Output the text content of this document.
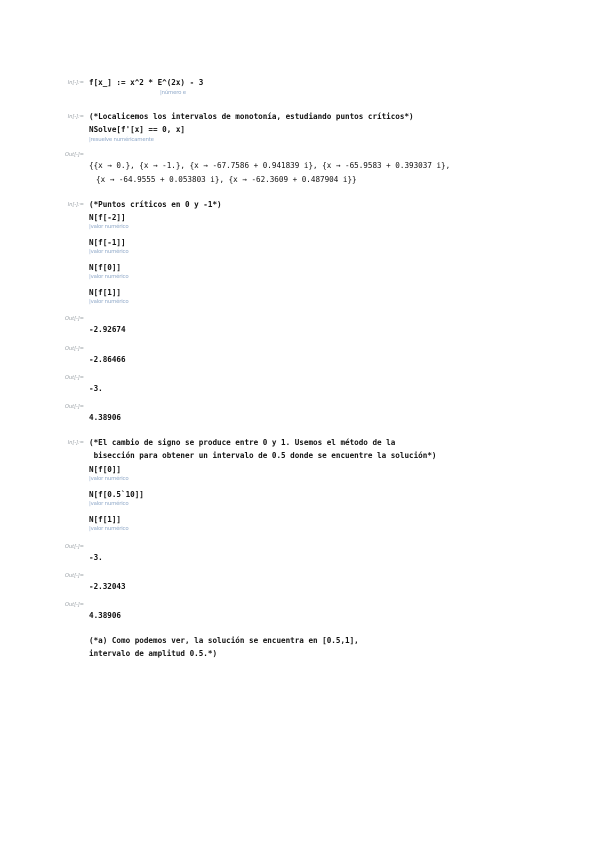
In[-]:= f[x_] := x^2 * E^(2x) - 3
|número e
In[-]:= (*Localicemos los intervalos de monotonía, estudiando puntos críticos*)
NSolve[f'[x] == 0, x]
|resuelve numéricamente
Out[-]=
{{x → 0.}, {x → -1.}, {x → -67.7586 + 0.941839 i}, {x → -65.9583 + 0.393037 i},
{x → -64.9555 + 0.053803 i}, {x → -62.3609 + 0.487904 i}}
In[-]:= (*Puntos críticos en 0 y -1*)
N[f[-2]]
|valor numérico
N[f[-1]]
|valor numérico
N[f[0]]
|valor numérico
N[f[1]]
|valor numérico
Out[-]=
-2.92674
Out[-]=
-2.86466
Out[-]=
-3.
Out[-]=
4.38906
In[-]:= (*El cambio de signo se produce entre 0 y 1. Usemos el método de la
bisección para obtener un intervalo de 0.5 donde se encuentre la solución*)
N[f[0]]
|valor numérico
N[f[0.5`10]]
|valor numérico
N[f[1]]
|valor numérico
Out[-]=
-3.
Out[-]=
-2.32043
Out[-]=
4.38906
(*a) Como podemos ver, la solución se encuentra en [0.5,1],
intervalo de amplitud 0.5.*)
